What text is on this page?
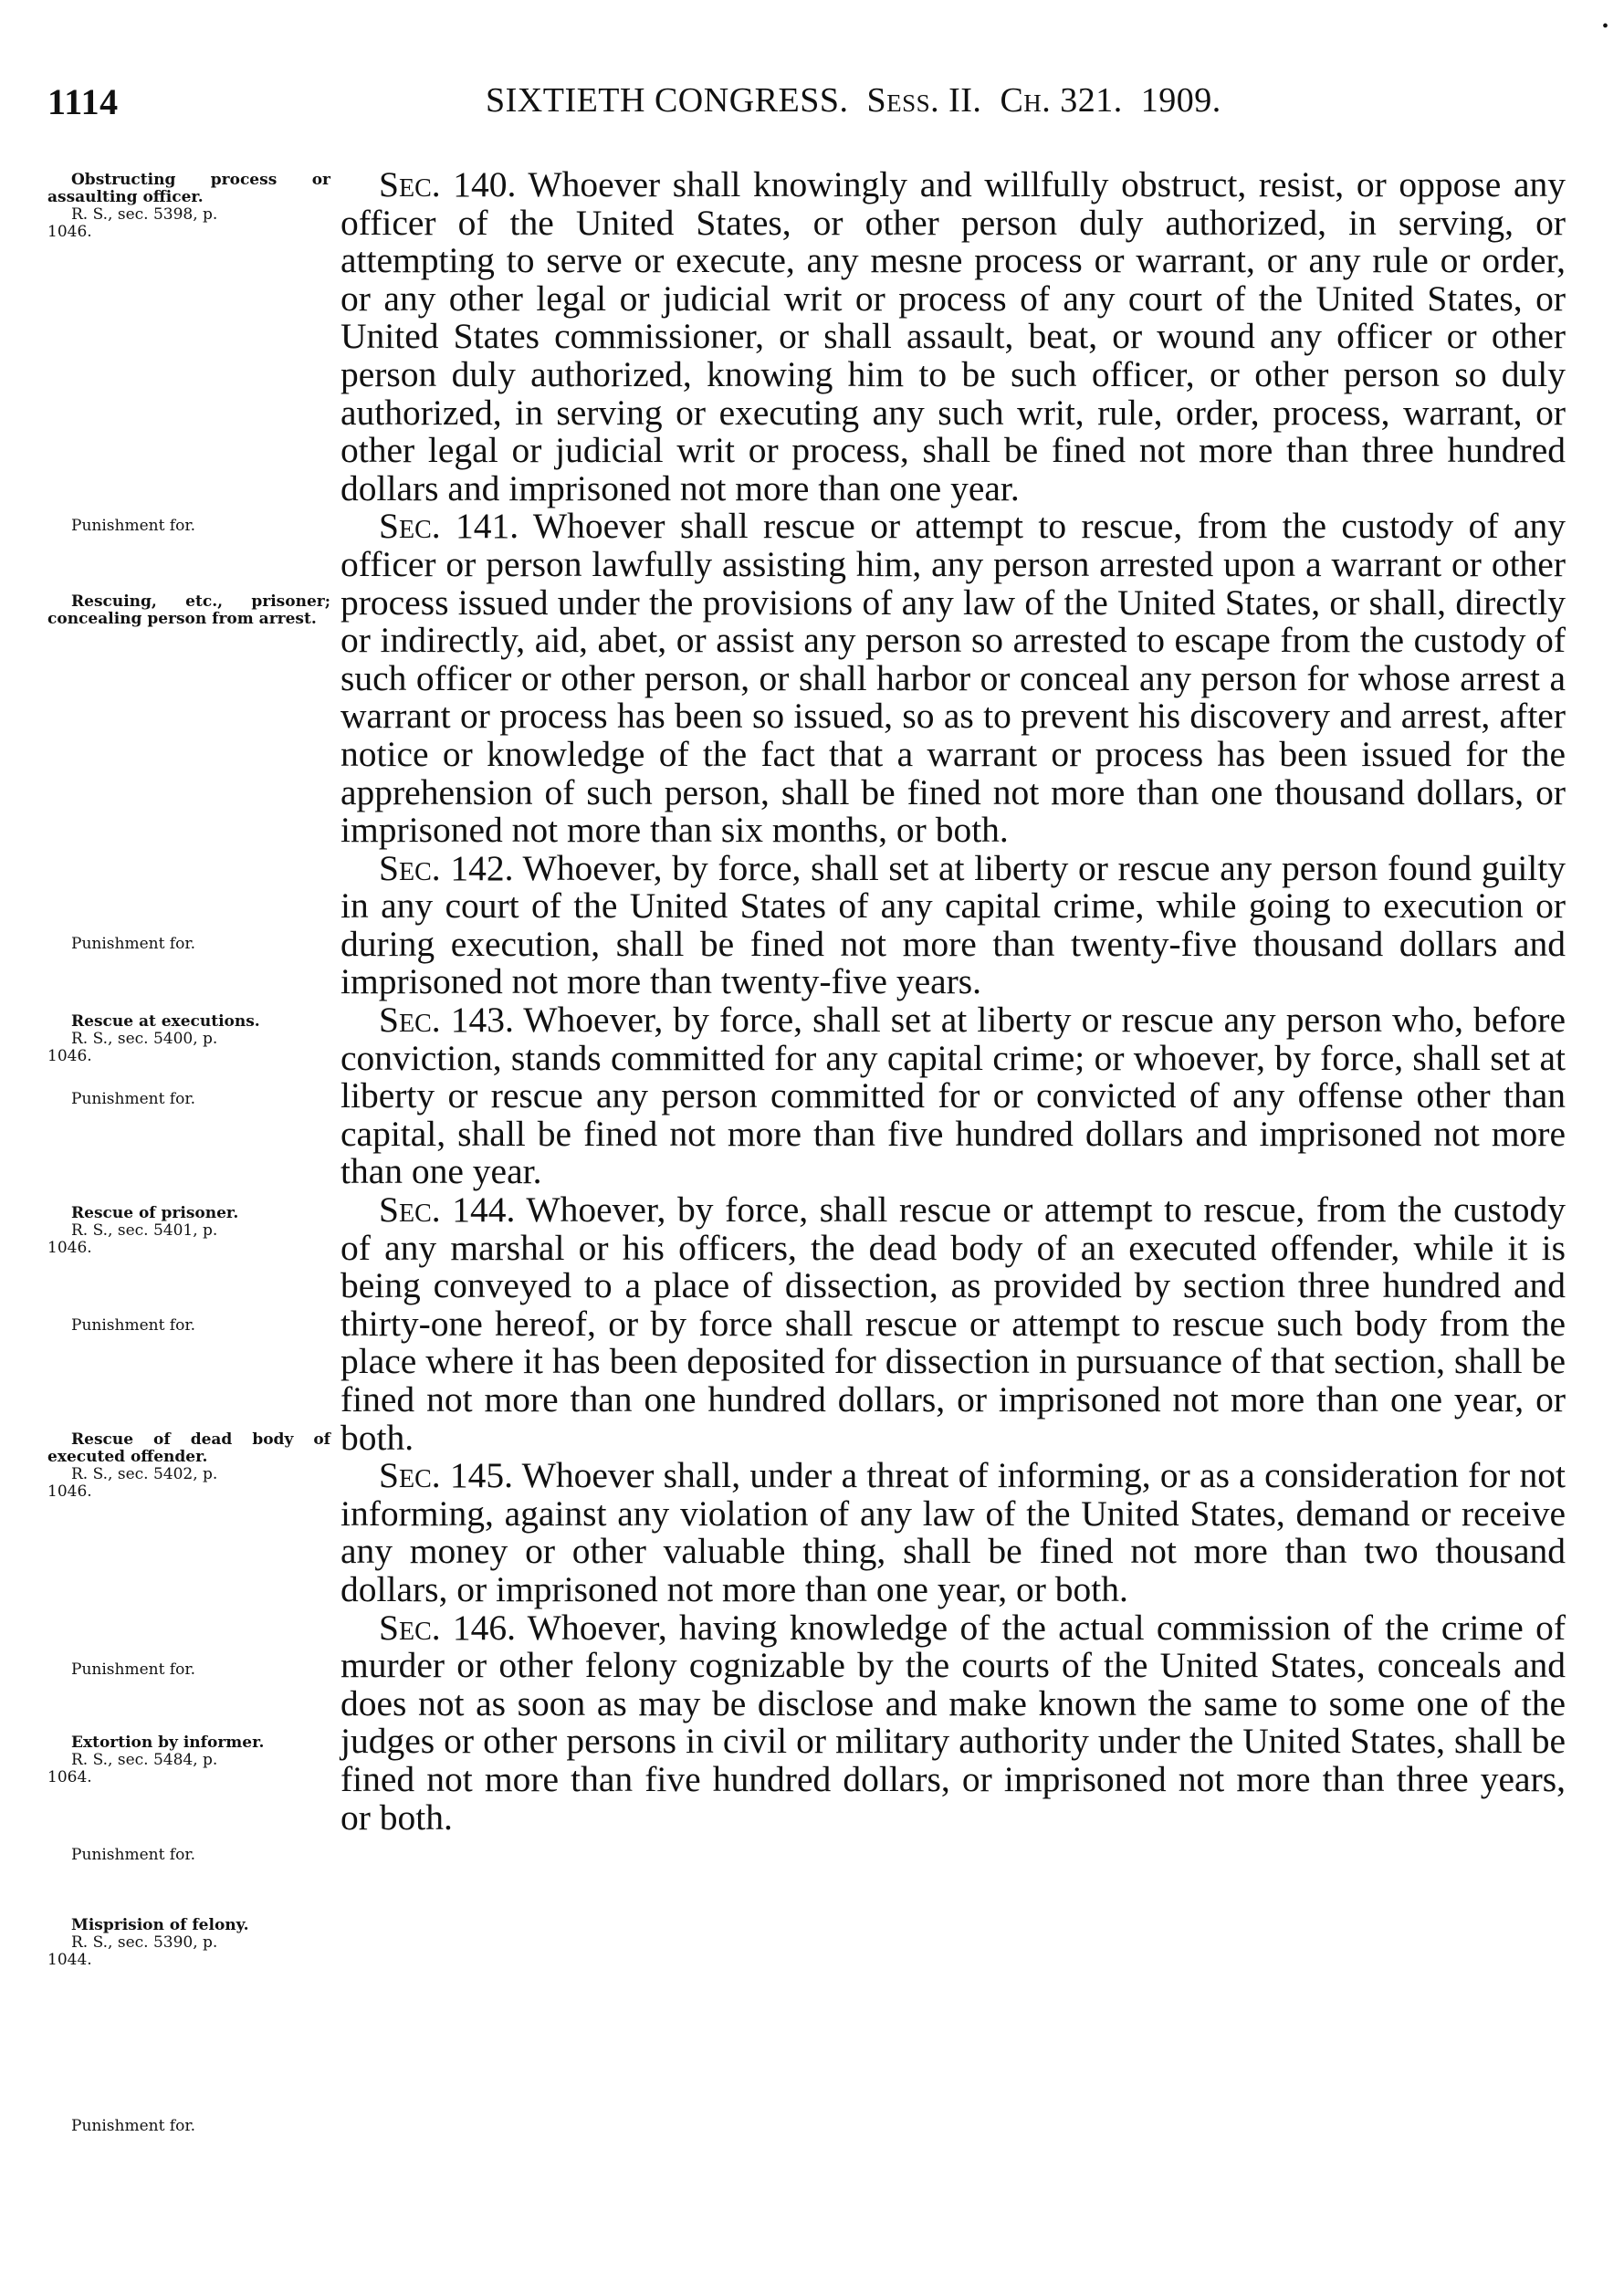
1114	SIXTIETH CONGRESS. Sess. II. Ch. 321. 1909.
•
Obstructing process or assaulting officer.
R. S., sec. 5398, p.
1046.
Punishment for.
Rescuing, etc., prisoner; concealing person from arrest.
Punishment for.
Rescue at executions.
R. S., sec. 5400, p.
1046.
Punishment for.
Rescue of prisoner.
R. S., sec. 5401, p.
1046.
Punishment for.
Rescue of dead body of executed offender.
R. S., sec. 5402, p.
1046.
Punishment for.
Extortion by informer.
R. S., sec. 5484, p.
1064.
Punishment for.
Misprision of felony.
R. S., sec. 5390, p.
1044.
Punishment for.

Sec. 140. Whoever shall knowingly and willfully obstruct, resist, or oppose any officer of the United States, or other person duly authorized, in serving, or attempting to serve or execute, any mesne process or warrant, or any rule or order, or any other legal or judicial writ or process of any court of the United States, or United States commissioner, or shall assault, beat, or wound any officer or other person duly authorized, knowing him to be such officer, or other person so duly authorized, in serving or executing any such writ, rule, order, process, warrant, or other legal or judicial writ or process, shall be fined not more than three hundred dollars and imprisoned not more than one year.

Sec. 141. Whoever shall rescue or attempt to rescue, from the custody of any officer or person lawfully assisting him, any person arrested upon a warrant or other process issued under the provisions of any law of the United States, or shall, directly or indirectly, aid, abet, or assist any person so arrested to escape from the custody of such officer or other person, or shall harbor or conceal any person for whose arrest a warrant or process has been so issued, so as to prevent his discovery and arrest, after notice or knowledge of the fact that a warrant or process has been issued for the apprehension of such person, shall be fined not more than one thousand dollars, or imprisoned not more than six months, or both.

Sec. 142. Whoever, by force, shall set at liberty or rescue any person found guilty in any court of the United States of any capital crime, while going to execution or during execution, shall be fined not more than twenty-five thousand dollars and imprisoned not more than twenty-five years.

Sec. 143. Whoever, by force, shall set at liberty or rescue any person who, before conviction, stands committed for any capital crime; or whoever, by force, shall set at liberty or rescue any person committed for or convicted of any offense other than capital, shall be fined not more than five hundred dollars and imprisoned not more than one year.

Sec. 144. Whoever, by force, shall rescue or attempt to rescue, from the custody of any marshal or his officers, the dead body of an executed offender, while it is being conveyed to a place of dissection, as provided by section three hundred and thirty-one hereof, or by force shall rescue or attempt to rescue such body from the place where it has been deposited for dissection in pursuance of that section, shall be fined not more than one hundred dollars, or imprisoned not more than one year, or both.

Sec. 145. Whoever shall, under a threat of informing, or as a consideration for not informing, against any violation of any law of the United States, demand or receive any money or other valuable thing, shall be fined not more than two thousand dollars, or imprisoned not more than one year, or both.

Sec. 146. Whoever, having knowledge of the actual commission of the crime of murder or other felony cognizable by the courts of the United States, conceals and does not as soon as may be disclose and make known the same to some one of the judges or other persons in civil or military authority under the United States, shall be fined not more than five hundred dollars, or imprisoned not more than three years, or both.
